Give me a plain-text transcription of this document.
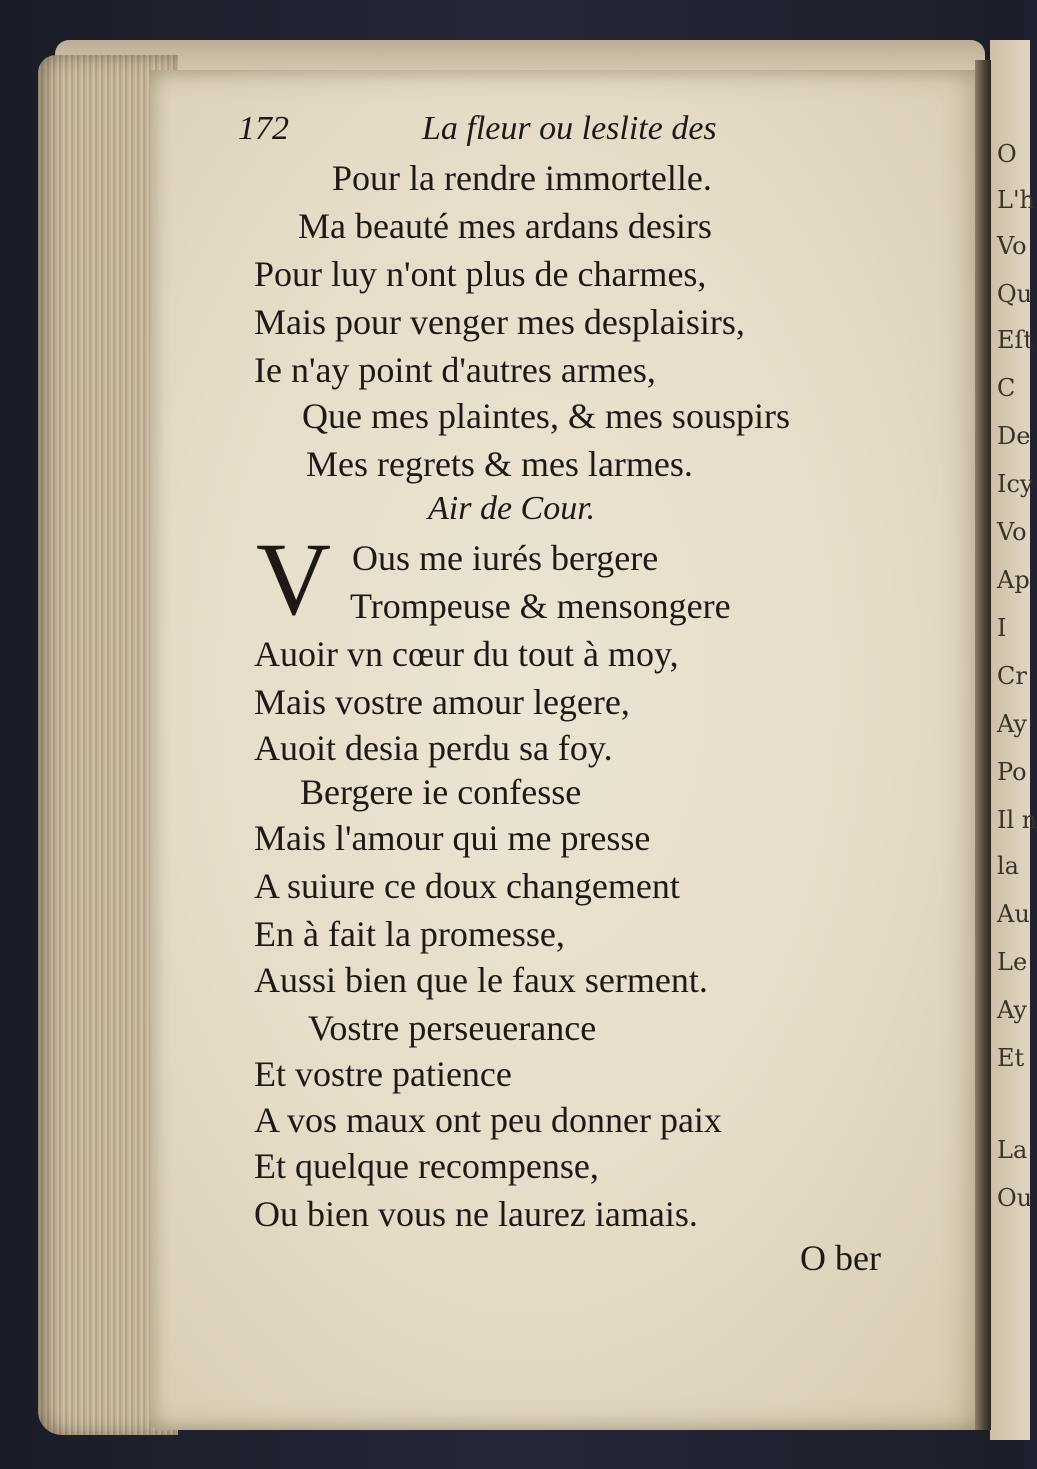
172	La fleur ou leslite des
Pour la rendre immortelle.
Ma beauté mes ardans desirs
Pour luy n'ont plus de charmes,
Mais pour venger mes desplaisirs,
Ie n'ay point d'autres armes,
Que mes plaintes, & mes souspirs
Mes regrets & mes larmes.
Air de Cour.
V Ous me iurés bergere
Trompeuse & mensongere
Auoir vn cœur du tout à moy,
Mais vostre amour legere,
Auoit desia perdu sa foy.
Bergere ie confesse
Mais l'amour qui me presse
A suiure ce doux changement
En à fait la promesse,
Aussi bien que le faux serment.
Vostre perseuerance
Et vostre patience
A vos maux ont peu donner paix
Et quelque recompense,
Ou bien vous ne laurez iamais.
O ber
O
L'h
Vo
Qu
Eſt
C
De
Icy
Vo
Ap
I
Cr
Ay
Po
Il n
la
Au
Le
Ay
Et
La
Ou
